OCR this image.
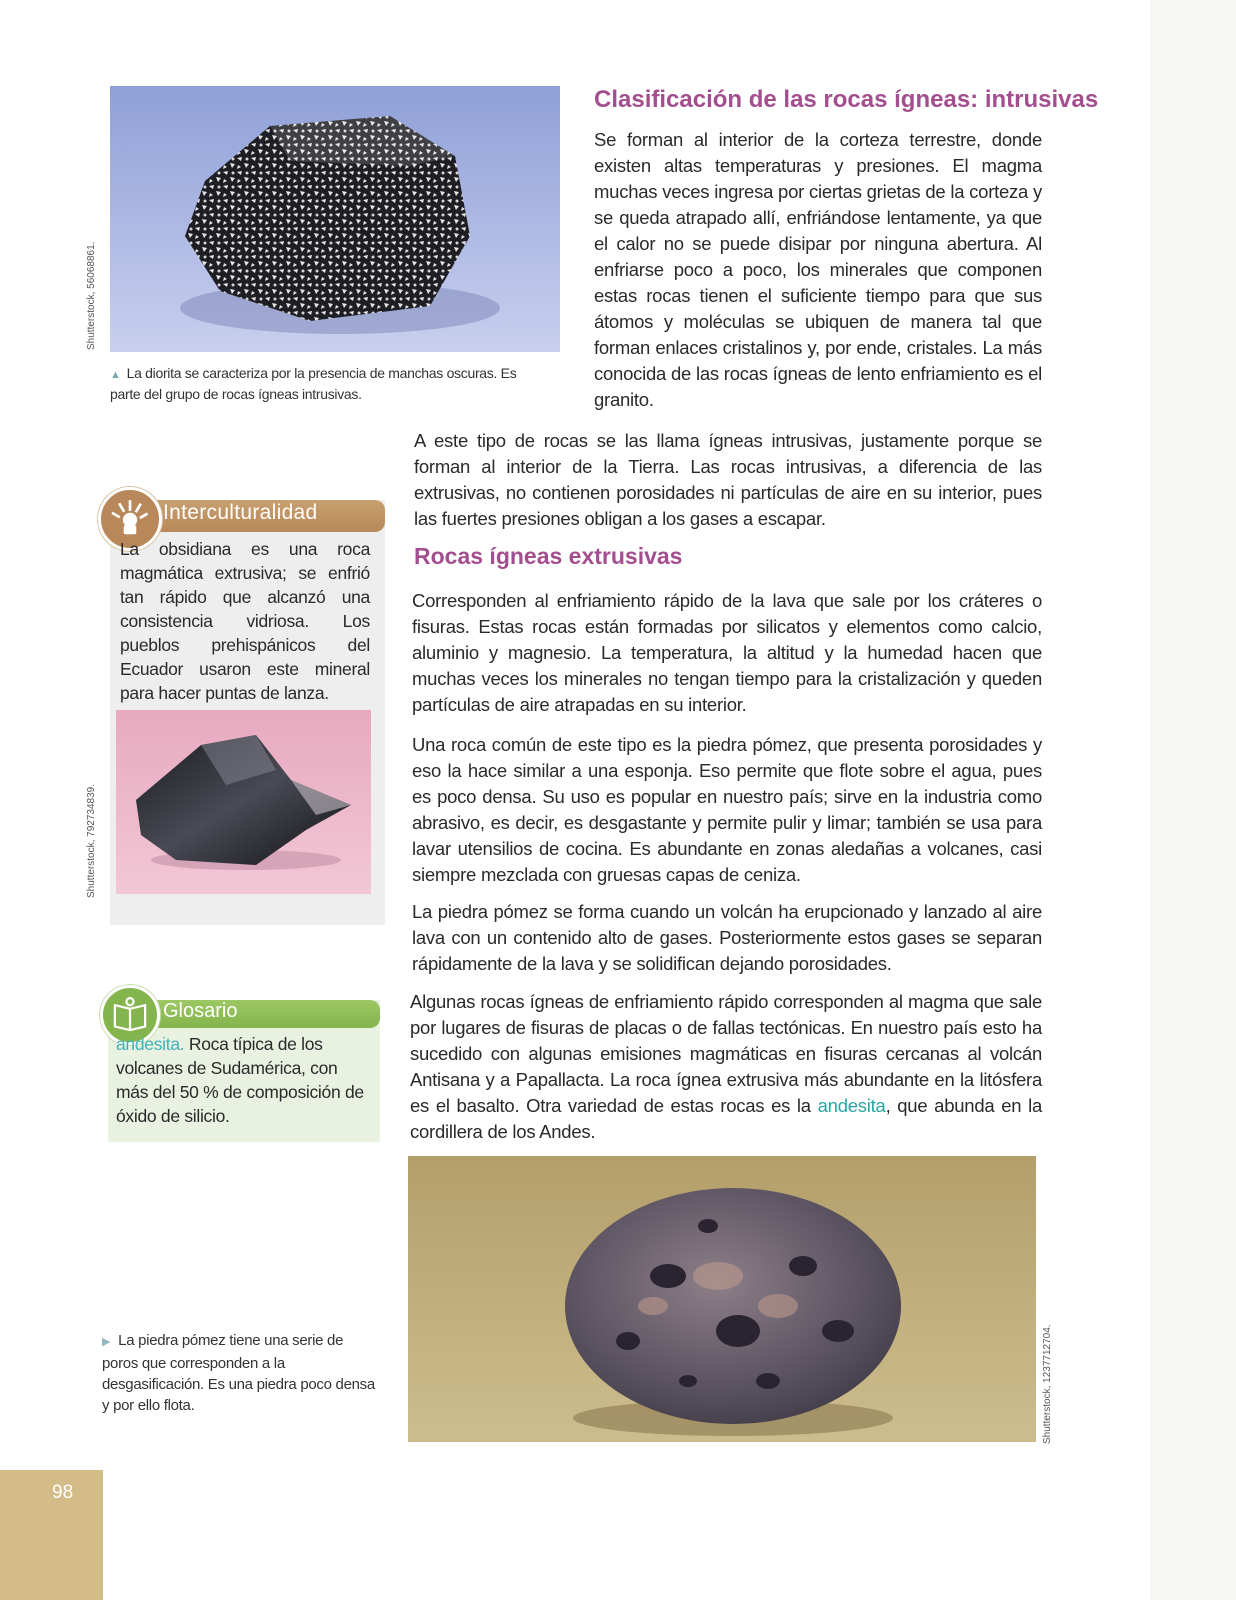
Shutterstock, 56068861.
▲ La diorita se caracteriza por la presencia de manchas oscuras. Es parte del grupo de rocas ígneas intrusivas.
Clasificación de las rocas ígneas: intrusivas
Se forman al interior de la corteza terrestre, donde existen altas temperaturas y presiones. El magma muchas veces ingresa por ciertas grietas de la corteza y se queda atrapado allí, enfriándose lentamente, ya que el calor no se puede disipar por ninguna abertura. Al enfriarse poco a poco, los minerales que componen estas rocas tienen el suficiente tiempo para que sus átomos y moléculas se ubiquen de manera tal que forman enlaces cristalinos y, por ende, cristales. La más conocida de las rocas ígneas de lento enfriamiento es el granito.
A este tipo de rocas se las llama ígneas intrusivas, justamente porque se forman al interior de la Tierra. Las rocas intrusivas, a diferencia de las extrusivas, no contienen porosidades ni partículas de aire en su interior, pues las fuertes presiones obligan a los gases a escapar.
Interculturalidad
La obsidiana es una roca magmática extrusiva; se enfrió tan rápido que alcanzó una consistencia vidriosa. Los pueblos prehispánicos del Ecuador usaron este mineral para hacer puntas de lanza.
Shutterstock, 792734839.
Glosario
andesita. Roca típica de los volcanes de Sudamérica, con más del 50 % de composición de óxido de silicio.
Rocas ígneas extrusivas
Corresponden al enfriamiento rápido de la lava que sale por los cráteres o fisuras. Estas rocas están formadas por silicatos y elementos como calcio, aluminio y magnesio. La temperatura, la altitud y la humedad hacen que muchas veces los minerales no tengan tiempo para la cristalización y queden partículas de aire atrapadas en su interior.
Una roca común de este tipo es la piedra pómez, que presenta porosidades y eso la hace similar a una esponja. Eso permite que flote sobre el agua, pues es poco densa. Su uso es popular en nuestro país; sirve en la industria como abrasivo, es decir, es desgastante y permite pulir y limar; también se usa para lavar utensilios de cocina. Es abundante en zonas aledañas a volcanes, casi siempre mezclada con gruesas capas de ceniza.
La piedra pómez se forma cuando un volcán ha erupcionado y lanzado al aire lava con un contenido alto de gases. Posteriormente estos gases se separan rápidamente de la lava y se solidifican dejando porosidades.
Algunas rocas ígneas de enfriamiento rápido corresponden al magma que sale por lugares de fisuras de placas o de fallas tectónicas. En nuestro país esto ha sucedido con algunas emisiones magmáticas en fisuras cercanas al volcán Antisana y a Papallacta. La roca ígnea extrusiva más abundante en la litósfera es el basalto. Otra variedad de estas rocas es la andesita, que abunda en la cordillera de los Andes.
Shutterstock, 1237712704.
▶ La piedra pómez tiene una serie de poros que corresponden a la desgasificación. Es una piedra poco densa y por ello flota.
98
